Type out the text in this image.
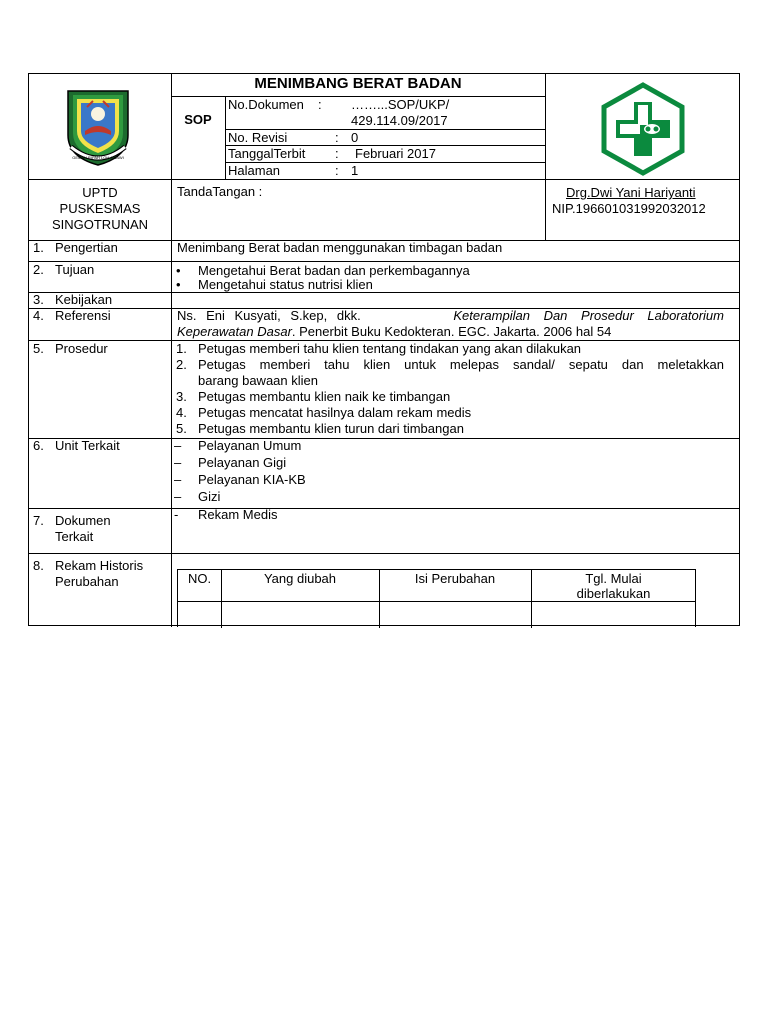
GEMAH RIPAH LOH JINAWI
MENIMBANG BERAT BADAN
SOP
No.Dokumen : ……...SOP/UKP/
429.114.09/2017
No. Revisi	: 0
TanggalTerbit : Februari 2017
Halaman	: 1
UPTD
PUSKESMAS
SINGOTRUNAN
TandaTangan :	Drg.Dwi Yani Hariyanti
NIP.196601031992032012
1. Pengertian	Menimbang Berat badan menggunakan timbagan badan
2. Tujuan	• Mengetahui Berat badan dan perkembagannya
• Mengetahui status nutrisi klien
3. Kebijakan
4. Referensi	Ns. Eni Kusyati, S.kep, dkk.	Keterampilan Dan Prosedur Laboratorium
Keperawatan Dasar. Penerbit Buku Kedokteran. EGC. Jakarta. 2006 hal 54
5. Prosedur	1. Petugas memberi tahu klien tentang tindakan yang akan dilakukan
2. Petugas memberi tahu klien untuk melepas sandal/ sepatu dan meletakkan
barang bawaan klien
3. Petugas membantu klien naik ke timbangan
4. Petugas mencatat hasilnya dalam rekam medis
5. Petugas membantu klien turun dari timbangan
6. Unit Terkait	– Pelayanan Umum
– Pelayanan Gigi
– Pelayanan KIA-KB
– Gizi
7. Dokumen
Terkait
- Rekam Medis
8. Rekam Historis
Perubahan	NO.	Yang diubah	Isi Perubahan	Tgl. Mulai
diberlakukan
